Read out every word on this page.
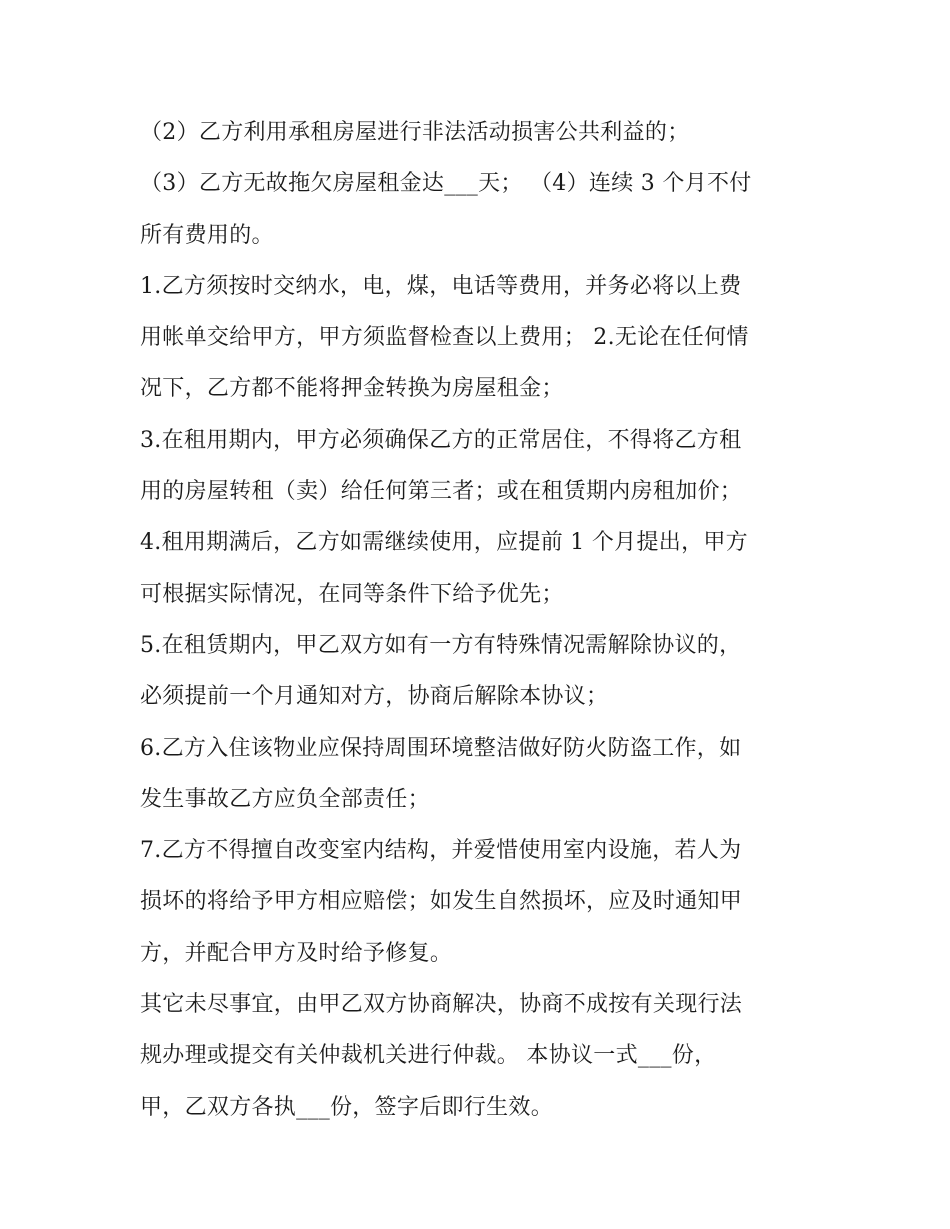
（2）乙方利用承租房屋进行非法活动损害公共利益的；
（3）乙方无故拖欠房屋租金达___天； （4）连续 3 个月不付
所有费用的。
1.乙方须按时交纳水，电，煤，电话等费用，并务必将以上费
用帐单交给甲方，甲方须监督检查以上费用； 2.无论在任何情
况下，乙方都不能将押金转换为房屋租金；
3.在租用期内，甲方必须确保乙方的正常居住，不得将乙方租
用的房屋转租（卖）给任何第三者；或在租赁期内房租加价；
4.租用期满后，乙方如需继续使用，应提前 1 个月提出，甲方
可根据实际情况，在同等条件下给予优先；
5.在租赁期内，甲乙双方如有一方有特殊情况需解除协议的，
必须提前一个月通知对方，协商后解除本协议；
6.乙方入住该物业应保持周围环境整洁做好防火防盗工作，如
发生事故乙方应负全部责任；
7.乙方不得擅自改变室内结构，并爱惜使用室内设施，若人为
损坏的将给予甲方相应赔偿；如发生自然损坏，应及时通知甲
方，并配合甲方及时给予修复。
其它未尽事宜，由甲乙双方协商解决，协商不成按有关现行法
规办理或提交有关仲裁机关进行仲裁。 本协议一式___份，
甲，乙双方各执___份，签字后即行生效。
